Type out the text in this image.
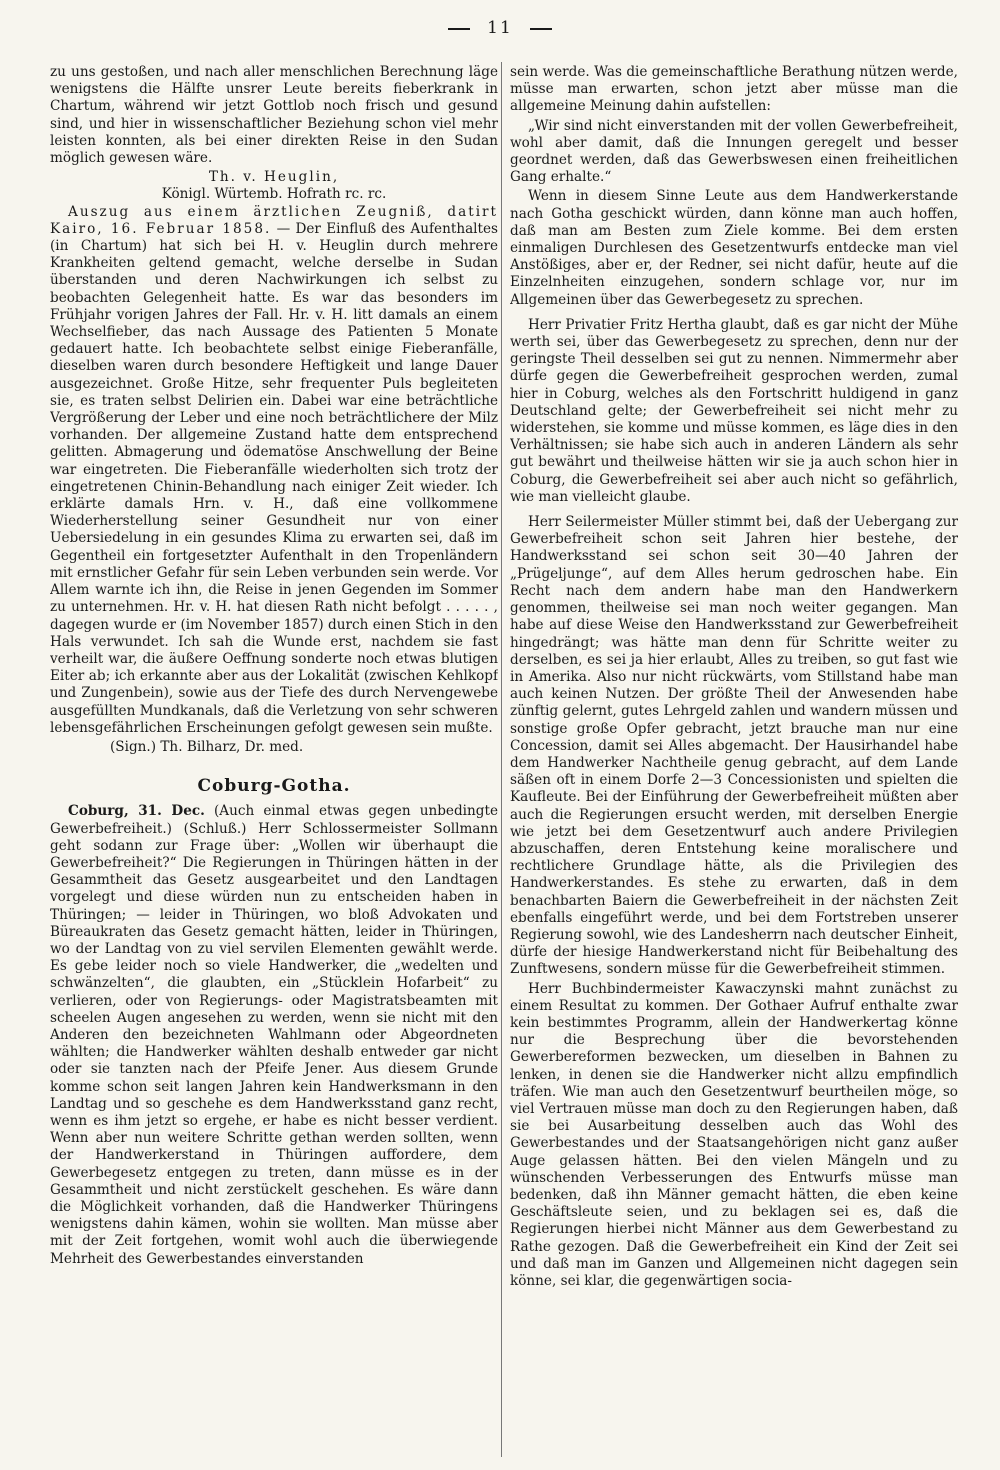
11

zu uns gestoßen, und nach aller menschlichen Berechnung läge wenigstens die Hälfte unsrer Leute bereits fieberkrank in Chartum, während wir jetzt Gottlob noch frisch und gesund sind, und hier in wissenschaftlicher Beziehung schon viel mehr leisten konnten, als bei einer direkten Reise in den Sudan möglich gewesen wäre.

Th. v. Heuglin,

Königl. Würtemb. Hofrath rc. rc.

Auszug aus einem ärztlichen Zeugniß, datirt Kairo, 16. Februar 1858. — Der Einfluß des Aufenthaltes (in Chartum) hat sich bei H. v. Heuglin durch mehrere Krankheiten geltend gemacht, welche derselbe in Sudan überstanden und deren Nachwirkungen ich selbst zu beobachten Gelegenheit hatte. Es war das besonders im Frühjahr vorigen Jahres der Fall. Hr. v. H. litt damals an einem Wechselfieber, das nach Aussage des Patienten 5 Monate gedauert hatte. Ich beobachtete selbst einige Fieberanfälle, dieselben waren durch besondere Heftigkeit und lange Dauer ausgezeichnet. Große Hitze, sehr frequenter Puls begleiteten sie, es traten selbst Delirien ein. Dabei war eine beträchtliche Vergrößerung der Leber und eine noch beträchtlichere der Milz vorhanden. Der allgemeine Zustand hatte dem entsprechend gelitten. Abmagerung und ödematöse Anschwellung der Beine war eingetreten. Die Fieberanfälle wiederholten sich trotz der eingetretenen Chinin-Behandlung nach einiger Zeit wieder. Ich erklärte damals Hrn. v. H., daß eine vollkommene Wiederherstellung seiner Gesundheit nur von einer Uebersiedelung in ein gesundes Klima zu erwarten sei, daß im Gegentheil ein fortgesetzter Aufenthalt in den Tropenländern mit ernstlicher Gefahr für sein Leben verbunden sein werde. Vor Allem warnte ich ihn, die Reise in jenen Gegenden im Sommer zu unternehmen. Hr. v. H. hat diesen Rath nicht befolgt . . . . . , dagegen wurde er (im November 1857) durch einen Stich in den Hals verwundet. Ich sah die Wunde erst, nachdem sie fast verheilt war, die äußere Oeffnung sonderte noch etwas blutigen Eiter ab; ich erkannte aber aus der Lokalität (zwischen Kehlkopf und Zungenbein), sowie aus der Tiefe des durch Nervengewebe ausgefüllten Mundkanals, daß die Verletzung von sehr schweren lebensgefährlichen Erscheinungen gefolgt gewesen sein mußte.

(Sign.) Th. Bilharz, Dr. med.

Coburg-Gotha.

Coburg, 31. Dec. (Auch einmal etwas gegen unbedingte Gewerbefreiheit.) (Schluß.) Herr Schlossermeister Sollmann geht sodann zur Frage über: „Wollen wir überhaupt die Gewerbefreiheit?“ Die Regierungen in Thüringen hätten in der Gesammtheit das Gesetz ausgearbeitet und den Landtagen vorgelegt und diese würden nun zu entscheiden haben in Thüringen; — leider in Thüringen, wo bloß Advokaten und Büreaukraten das Gesetz gemacht hätten, leider in Thüringen, wo der Landtag von zu viel servilen Elementen gewählt werde. Es gebe leider noch so viele Handwerker, die „wedelten und schwänzelten“, die glaubten, ein „Stücklein Hofarbeit“ zu verlieren, oder von Regierungs- oder Magistratsbeamten mit scheelen Augen angesehen zu werden, wenn sie nicht mit den Anderen den bezeichneten Wahlmann oder Abgeordneten wählten; die Handwerker wählten deshalb entweder gar nicht oder sie tanzten nach der Pfeife Jener. Aus diesem Grunde komme schon seit langen Jahren kein Handwerksmann in den Landtag und so geschehe es dem Handwerksstand ganz recht, wenn es ihm jetzt so ergehe, er habe es nicht besser verdient. Wenn aber nun weitere Schritte gethan werden sollten, wenn der Handwerkerstand in Thüringen auffordere, dem Gewerbegesetz entgegen zu treten, dann müsse es in der Gesammtheit und nicht zerstückelt geschehen. Es wäre dann die Möglichkeit vorhanden, daß die Handwerker Thüringens wenigstens dahin kämen, wohin sie wollten. Man müsse aber mit der Zeit fortgehen, womit wohl auch die überwiegende Mehrheit des Gewerbestandes einverstanden

sein werde. Was die gemeinschaftliche Berathung nützen werde, müsse man erwarten, schon jetzt aber müsse man die allgemeine Meinung dahin aufstellen:

„Wir sind nicht einverstanden mit der vollen Gewerbefreiheit, wohl aber damit, daß die Innungen geregelt und besser geordnet werden, daß das Gewerbswesen einen freiheitlichen Gang erhalte.“

Wenn in diesem Sinne Leute aus dem Handwerkerstande nach Gotha geschickt würden, dann könne man auch hoffen, daß man am Besten zum Ziele komme. Bei dem ersten einmaligen Durchlesen des Gesetzentwurfs entdecke man viel Anstößiges, aber er, der Redner, sei nicht dafür, heute auf die Einzelnheiten einzugehen, sondern schlage vor, nur im Allgemeinen über das Gewerbegesetz zu sprechen.

Herr Privatier Fritz Hertha glaubt, daß es gar nicht der Mühe werth sei, über das Gewerbegesetz zu sprechen, denn nur der geringste Theil desselben sei gut zu nennen. Nimmermehr aber dürfe gegen die Gewerbefreiheit gesprochen werden, zumal hier in Coburg, welches als den Fortschritt huldigend in ganz Deutschland gelte; der Gewerbefreiheit sei nicht mehr zu widerstehen, sie komme und müsse kommen, es läge dies in den Verhältnissen; sie habe sich auch in anderen Ländern als sehr gut bewährt und theilweise hätten wir sie ja auch schon hier in Coburg, die Gewerbefreiheit sei aber auch nicht so gefährlich, wie man vielleicht glaube.

Herr Seilermeister Müller stimmt bei, daß der Uebergang zur Gewerbefreiheit schon seit Jahren hier bestehe, der Handwerksstand sei schon seit 30—40 Jahren der „Prügeljunge“, auf dem Alles herum gedroschen habe. Ein Recht nach dem andern habe man den Handwerkern genommen, theilweise sei man noch weiter gegangen. Man habe auf diese Weise den Handwerksstand zur Gewerbefreiheit hingedrängt; was hätte man denn für Schritte weiter zu derselben, es sei ja hier erlaubt, Alles zu treiben, so gut fast wie in Amerika. Also nur nicht rückwärts, vom Stillstand habe man auch keinen Nutzen. Der größte Theil der Anwesenden habe zünftig gelernt, gutes Lehrgeld zahlen und wandern müssen und sonstige große Opfer gebracht, jetzt brauche man nur eine Concession, damit sei Alles abgemacht. Der Hausirhandel habe dem Handwerker Nachtheile genug gebracht, auf dem Lande säßen oft in einem Dorfe 2—3 Concessionisten und spielten die Kaufleute. Bei der Einführung der Gewerbefreiheit müßten aber auch die Regierungen ersucht werden, mit derselben Energie wie jetzt bei dem Gesetzentwurf auch andere Privilegien abzuschaffen, deren Entstehung keine moralischere und rechtlichere Grundlage hätte, als die Privilegien des Handwerkerstandes. Es stehe zu erwarten, daß in dem benachbarten Baiern die Gewerbefreiheit in der nächsten Zeit ebenfalls eingeführt werde, und bei dem Fortstreben unserer Regierung sowohl, wie des Landesherrn nach deutscher Einheit, dürfe der hiesige Handwerkerstand nicht für Beibehaltung des Zunftwesens, sondern müsse für die Gewerbefreiheit stimmen.

Herr Buchbindermeister Kawaczynski mahnt zunächst zu einem Resultat zu kommen. Der Gothaer Aufruf enthalte zwar kein bestimmtes Programm, allein der Handwerkertag könne nur die Besprechung über die bevorstehenden Gewerbereformen bezwecken, um dieselben in Bahnen zu lenken, in denen sie die Handwerker nicht allzu empfindlich träfen. Wie man auch den Gesetzentwurf beurtheilen möge, so viel Vertrauen müsse man doch zu den Regierungen haben, daß sie bei Ausarbeitung desselben auch das Wohl des Gewerbestandes und der Staatsangehörigen nicht ganz außer Auge gelassen hätten. Bei den vielen Mängeln und zu wünschenden Verbesserungen des Entwurfs müsse man bedenken, daß ihn Männer gemacht hätten, die eben keine Geschäftsleute seien, und zu beklagen sei es, daß die Regierungen hierbei nicht Männer aus dem Gewerbestand zu Rathe gezogen. Daß die Gewerbefreiheit ein Kind der Zeit sei und daß man im Ganzen und Allgemeinen nicht dagegen sein könne, sei klar, die gegenwärtigen socia-
